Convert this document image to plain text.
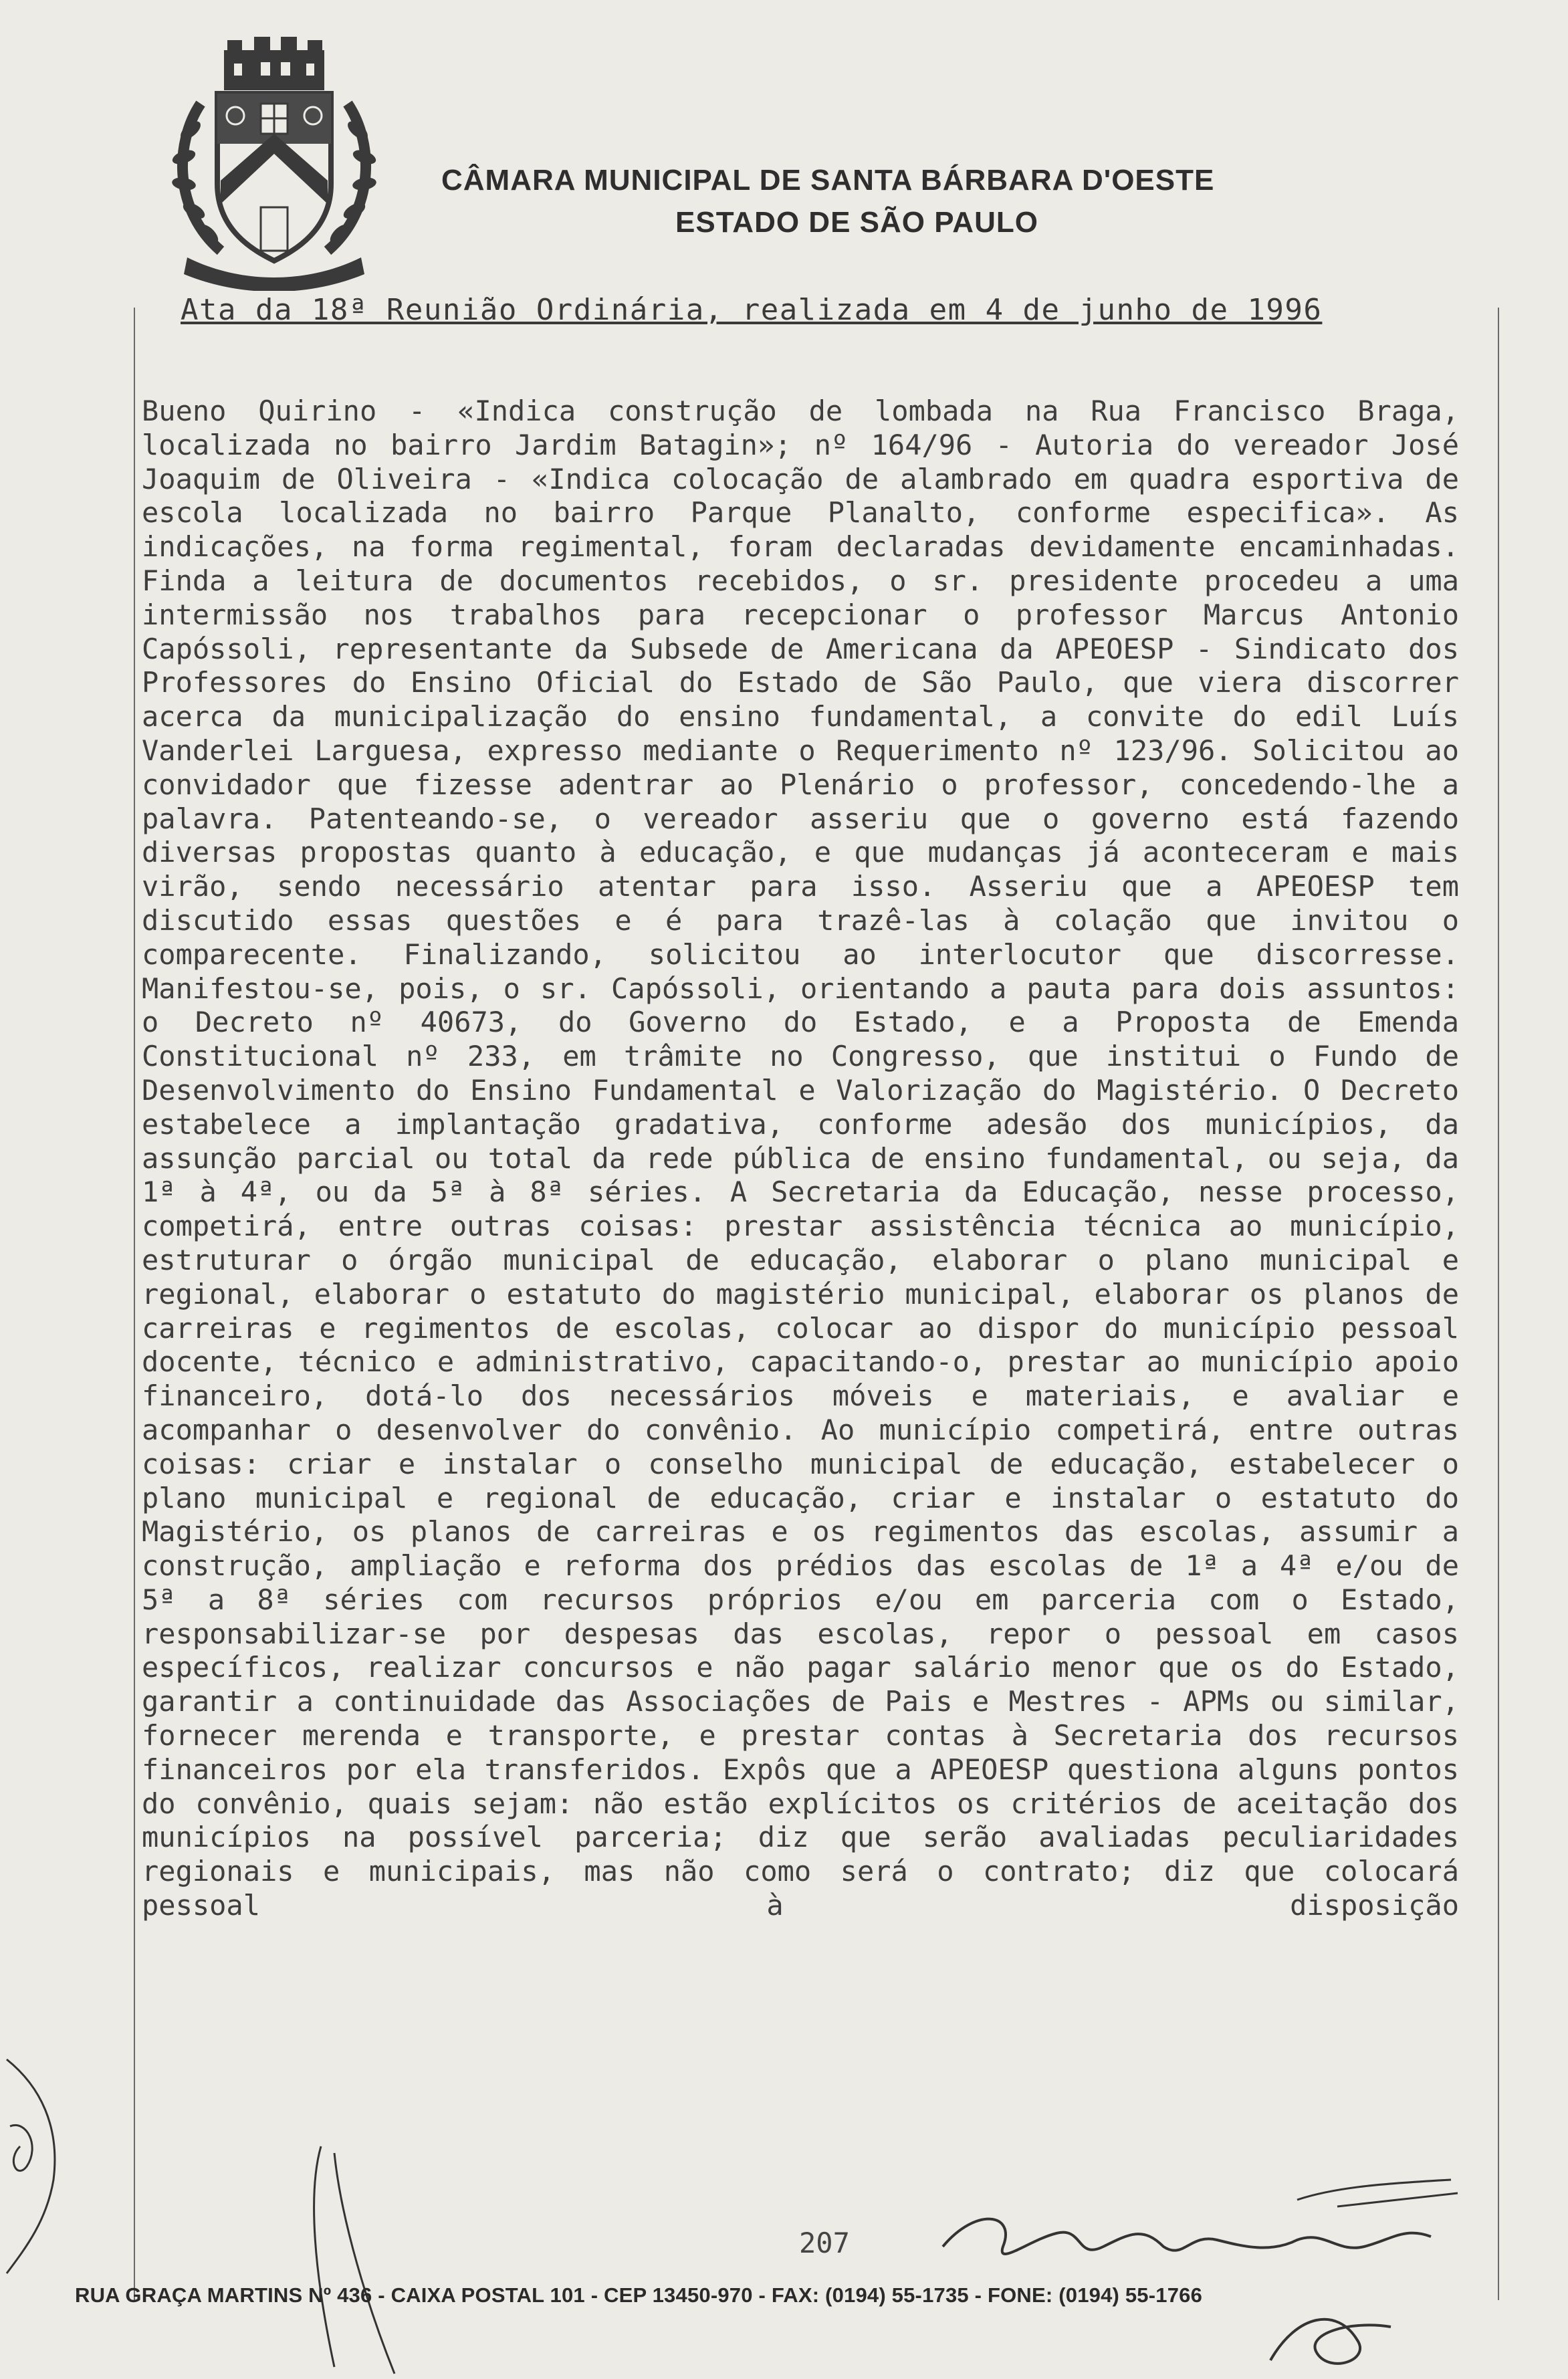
CÂMARA MUNICIPAL DE SANTA BÁRBARA D'OESTE
ESTADO DE SÃO PAULO
Ata da 18ª Reunião Ordinária, realizada em 4 de junho de 1996

Bueno Quirino - «Indica construção de lombada na Rua Francisco Braga, localizada no bairro Jardim Batagin»; nº 164/96 - Autoria do vereador José Joaquim de Oliveira - «Indica colocação de alambrado em quadra esportiva de escola localizada no bairro Parque Planalto, conforme especifica». As indicações, na forma regimental, foram declaradas devidamente encaminhadas. Finda a leitura de documentos recebidos, o sr. presidente procedeu a uma intermissão nos trabalhos para recepcionar o professor Marcus Antonio Capóssoli, representante da Subsede de Americana da APEOESP - Sindicato dos Professores do Ensino Oficial do Estado de São Paulo, que viera discorrer acerca da municipalização do ensino fundamental, a convite do edil Luís Vanderlei Larguesa, expresso mediante o Requerimento nº 123/96. Solicitou ao convidador que fizesse adentrar ao Plenário o professor, concedendo-lhe a palavra. Patenteando-se, o vereador asseriu que o governo está fazendo diversas propostas quanto à educação, e que mudanças já aconteceram e mais virão, sendo necessário atentar para isso. Asseriu que a APEOESP tem discutido essas questões e é para trazê-las à colação que invitou o comparecente. Finalizando, solicitou ao interlocutor que discorresse. Manifestou-se, pois, o sr. Capóssoli, orientando a pauta para dois assuntos: o Decreto nº 40673, do Governo do Estado, e a Proposta de Emenda Constitucional nº 233, em trâmite no Congresso, que institui o Fundo de Desenvolvimento do Ensino Fundamental e Valorização do Magistério. O Decreto estabelece a implantação gradativa, conforme adesão dos municípios, da assunção parcial ou total da rede pública de ensino fundamental, ou seja, da 1ª à 4ª, ou da 5ª à 8ª séries. A Secretaria da Educação, nesse processo, competirá, entre outras coisas: prestar assistência técnica ao município, estruturar o órgão municipal de educação, elaborar o plano municipal e regional, elaborar o estatuto do magistério municipal, elaborar os planos de carreiras e regimentos de escolas, colocar ao dispor do município pessoal docente, técnico e administrativo, capacitando-o, prestar ao município apoio financeiro, dotá-lo dos necessários móveis e materiais, e avaliar e acompanhar o desenvolver do convênio. Ao município competirá, entre outras coisas: criar e instalar o conselho municipal de educação, estabelecer o plano municipal e regional de educação, criar e instalar o estatuto do Magistério, os planos de carreiras e os regimentos das escolas, assumir a construção, ampliação e reforma dos prédios das escolas de 1ª a 4ª e/ou de 5ª a 8ª séries com recursos próprios e/ou em parceria com o Estado, responsabilizar-se por despesas das escolas, repor o pessoal em casos específicos, realizar concursos e não pagar salário menor que os do Estado, garantir a continuidade das Associações de Pais e Mestres - APMs ou similar, fornecer merenda e transporte, e prestar contas à Secretaria dos recursos financeiros por ela transferidos. Expôs que a APEOESP questiona alguns pontos do convênio, quais sejam: não estão explícitos os critérios de aceitação dos municípios na possível parceria; diz que serão avaliadas peculiaridades regionais e municipais, mas não como será o contrato; diz que colocará pessoal à disposição

207
RUA GRAÇA MARTINS Nº 436 - CAIXA POSTAL 101 - CEP 13450-970 - FAX: (0194) 55-1735 - FONE: (0194) 55-1766
